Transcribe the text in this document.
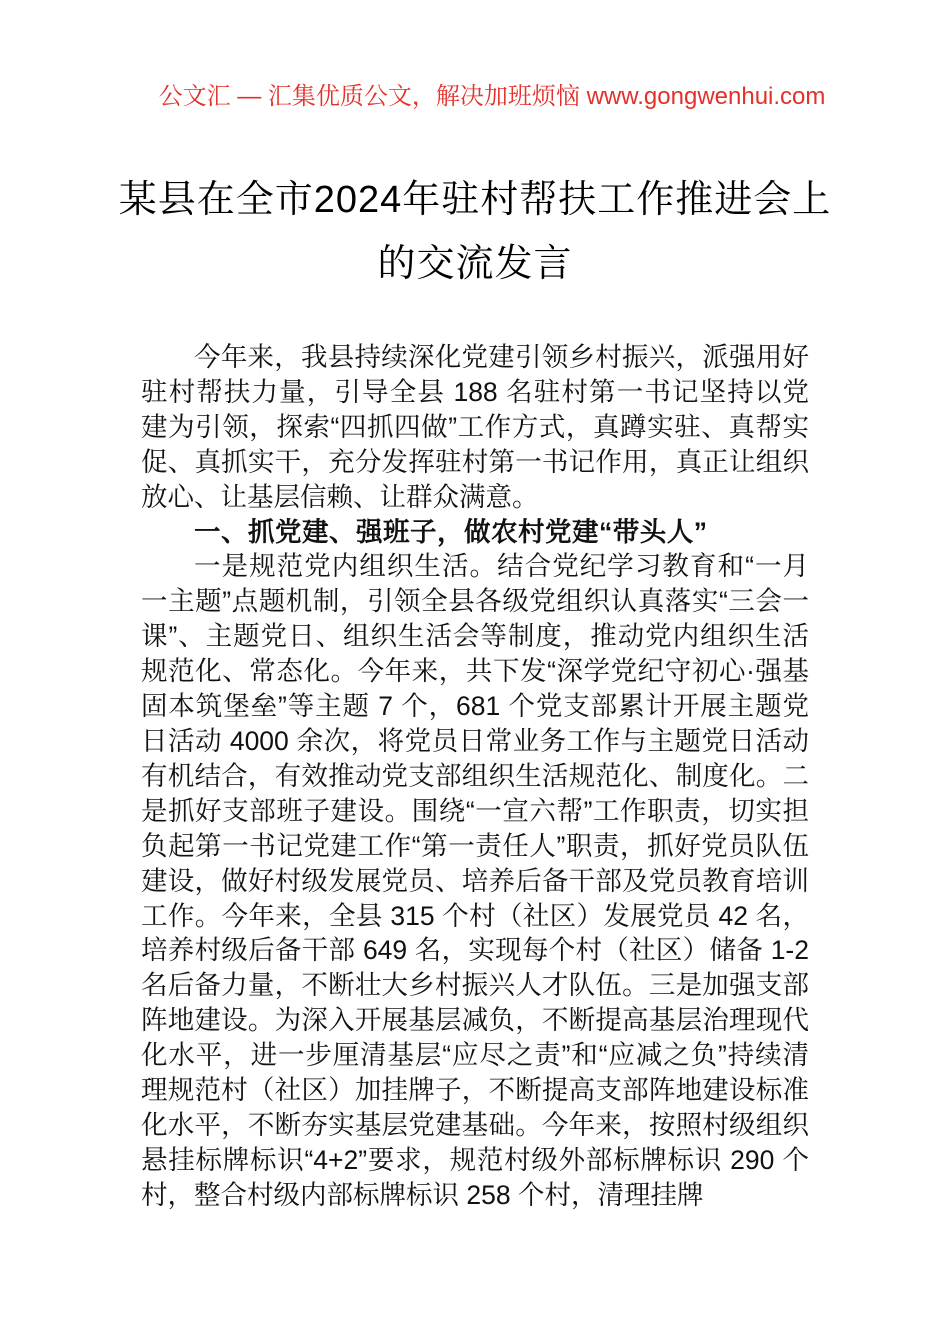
公文汇 — 汇集优质公文，解决加班烦恼 www.gongwenhui.com
某县在全市2024年驻村帮扶工作推进会上的交流发言

今年来，我县持续深化党建引领乡村振兴，派强用好驻村帮扶力量，引导全县 188 名驻村第一书记坚持以党建为引领，探索“四抓四做”工作方式，真蹲实驻、真帮实促、真抓实干，充分发挥驻村第一书记作用，真正让组织放心、让基层信赖、让群众满意。

一、抓党建、强班子，做农村党建“带头人”

一是规范党内组织生活。结合党纪学习教育和“一月一主题”点题机制，引领全县各级党组织认真落实“三会一课”、主题党日、组织生活会等制度，推动党内组织生活规范化、常态化。今年来，共下发“深学党纪守初心·强基固本筑堡垒”等主题 7 个，681 个党支部累计开展主题党日活动 4000 余次，将党员日常业务工作与主题党日活动有机结合，有效推动党支部组织生活规范化、制度化。二是抓好支部班子建设。围绕“一宣六帮”工作职责，切实担负起第一书记党建工作“第一责任人”职责，抓好党员队伍建设，做好村级发展党员、培养后备干部及党员教育培训工作。今年来，全县 315 个村（社区）发展党员 42 名，培养村级后备干部 649 名，实现每个村（社区）储备 1-2 名后备力量，不断壮大乡村振兴人才队伍。三是加强支部阵地建设。为深入开展基层减负，不断提高基层治理现代化水平，进一步厘清基层“应尽之责”和“应减之负”持续清理规范村（社区）加挂牌子，不断提高支部阵地建设标准化水平，不断夯实基层党建基础。今年来，按照村级组织悬挂标牌标识“4+2”要求，规范村级外部标牌标识 290 个村，整合村级内部标牌标识 258 个村，清理挂牌
